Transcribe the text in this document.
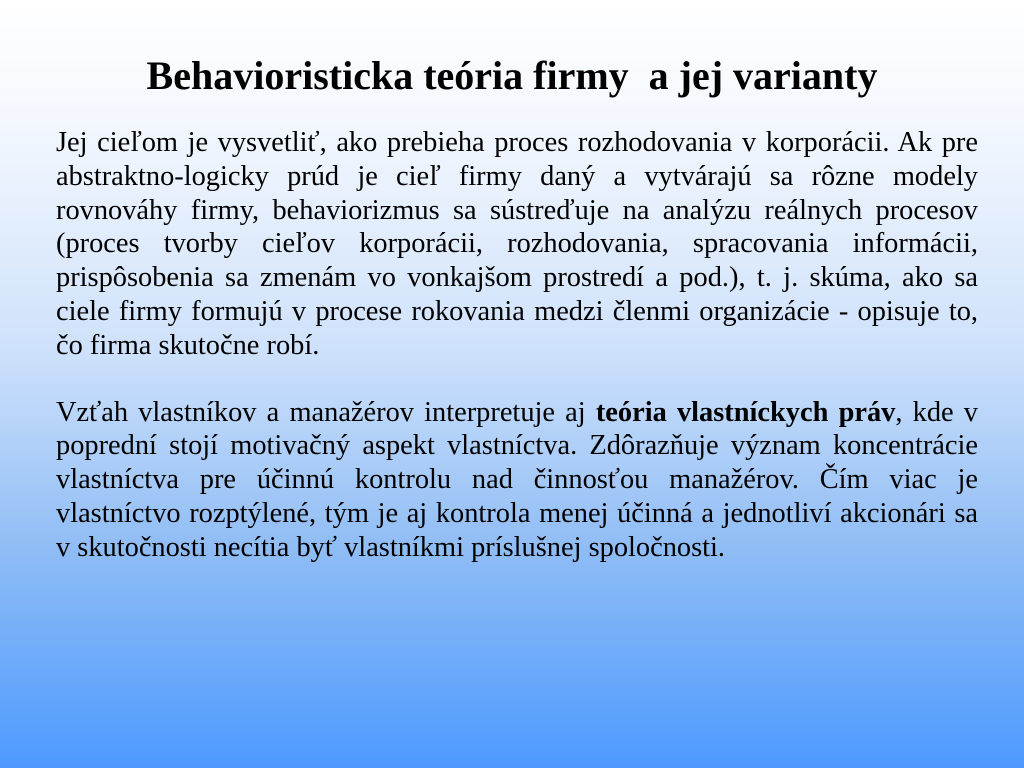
Behavioristicka teória firmy  a jej varianty

Jej cieľom je vysvetliť, ako prebieha proces rozhodovania v korporácii. Ak pre abstraktno-logicky prúd je cieľ firmy daný a vytvárajú sa rôzne modely rovnováhy firmy, behaviorizmus sa sústreďuje na analýzu reálnych procesov (proces tvorby cieľov korporácii, rozhodovania, spracovania informácii, prispôsobenia sa zmenám vo vonkajšom prostredí a pod.), t. j. skúma, ako sa ciele firmy formujú v procese rokovania medzi členmi organizácie - opisuje to, čo firma skutočne robí.

Vzťah vlastníkov a manažérov interpretuje aj teória vlastníckych práv, kde v poprední stojí motivačný aspekt vlastníctva. Zdôrazňuje význam koncentrácie vlastníctva pre účinnú kontrolu nad činnosťou manažérov. Čím viac je vlastníctvo rozptýlené, tým je aj kontrola menej účinná a jednotliví akcionári sa v skutočnosti necítia byť vlastníkmi príslušnej spoločnosti.
